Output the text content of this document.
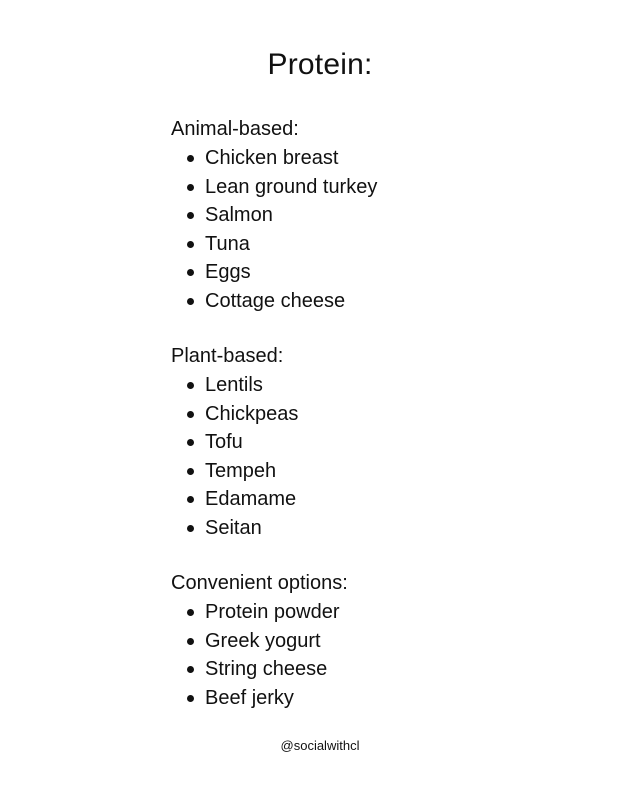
Protein:
Animal-based:
Chicken breast
Lean ground turkey
Salmon
Tuna
Eggs
Cottage cheese
Plant-based:
Lentils
Chickpeas
Tofu
Tempeh
Edamame
Seitan
Convenient options:
Protein powder
Greek yogurt
String cheese
Beef jerky
@socialwithcl
